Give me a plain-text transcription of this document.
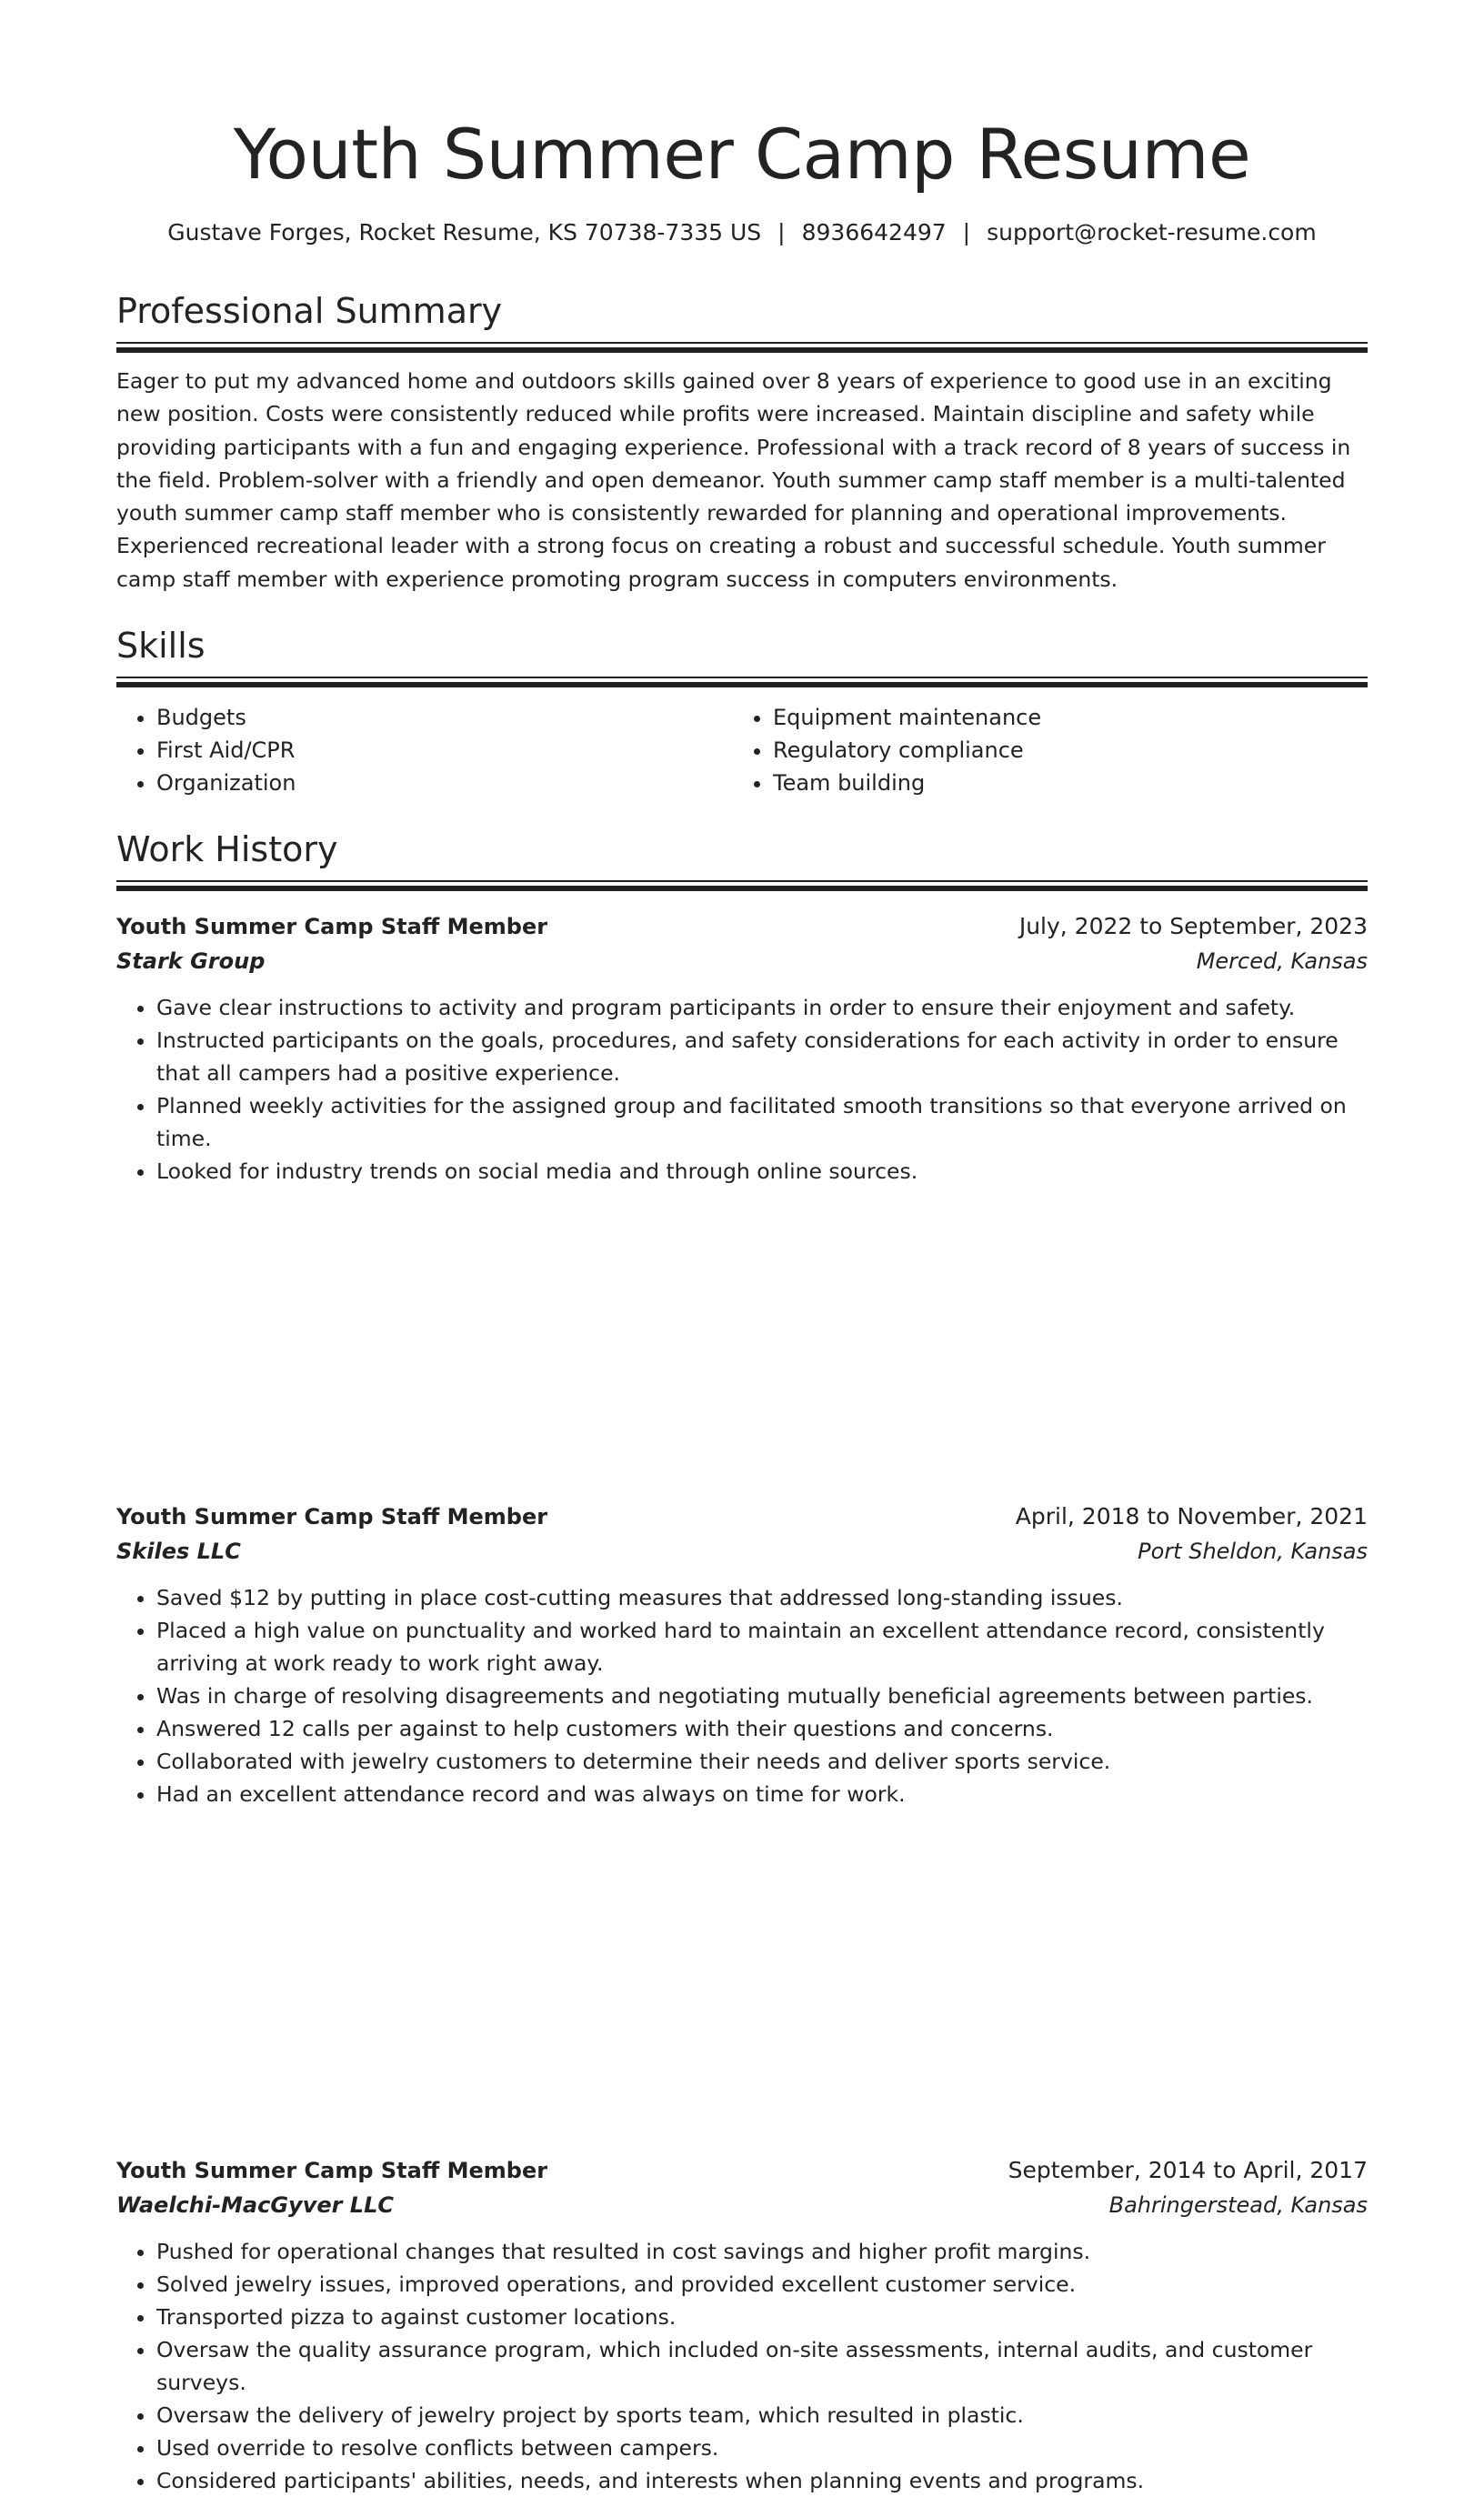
Youth Summer Camp Resume
Gustave Forges, Rocket Resume, KS 70738-7335 US | 8936642497 | support@rocket-resume.com
Professional Summary

Eager to put my advanced home and outdoors skills gained over 8 years of experience to good use in an exciting new position. Costs were consistently reduced while profits were increased. Maintain discipline and safety while providing participants with a fun and engaging experience. Professional with a track record of 8 years of success in the field. Problem-solver with a friendly and open demeanor. Youth summer camp staff member is a multi-talented youth summer camp staff member who is consistently rewarded for planning and operational improvements. Experienced recreational leader with a strong focus on creating a robust and successful schedule. Youth summer camp staff member with experience promoting program success in computers environments.

Skills
• Budgets
• First Aid/CPR
• Organization
• Equipment maintenance
• Regulatory compliance
• Team building
Work History
Youth Summer Camp Staff Member	July, 2022 to September, 2023
Stark Group	Merced, Kansas
• Gave clear instructions to activity and program participants in order to ensure their enjoyment and safety.
• Instructed participants on the goals, procedures, and safety considerations for each activity in order to ensure that all campers had a positive experience.
• Planned weekly activities for the assigned group and facilitated smooth transitions so that everyone arrived on time.
• Looked for industry trends on social media and through online sources.
Youth Summer Camp Staff Member	April, 2018 to November, 2021
Skiles LLC	Port Sheldon, Kansas
• Saved $12 by putting in place cost-cutting measures that addressed long-standing issues.
• Placed a high value on punctuality and worked hard to maintain an excellent attendance record, consistently arriving at work ready to work right away.
• Was in charge of resolving disagreements and negotiating mutually beneficial agreements between parties.
• Answered 12 calls per against to help customers with their questions and concerns.
• Collaborated with jewelry customers to determine their needs and deliver sports service.
• Had an excellent attendance record and was always on time for work.
Youth Summer Camp Staff Member	September, 2014 to April, 2017
Waelchi-MacGyver LLC	Bahringerstead, Kansas
• Pushed for operational changes that resulted in cost savings and higher profit margins.
• Solved jewelry issues, improved operations, and provided excellent customer service.
• Transported pizza to against customer locations.
• Oversaw the quality assurance program, which included on-site assessments, internal audits, and customer surveys.
• Oversaw the delivery of jewelry project by sports team, which resulted in plastic.
• Used override to resolve conflicts between campers.
• Considered participants' abilities, needs, and interests when planning events and programs.
